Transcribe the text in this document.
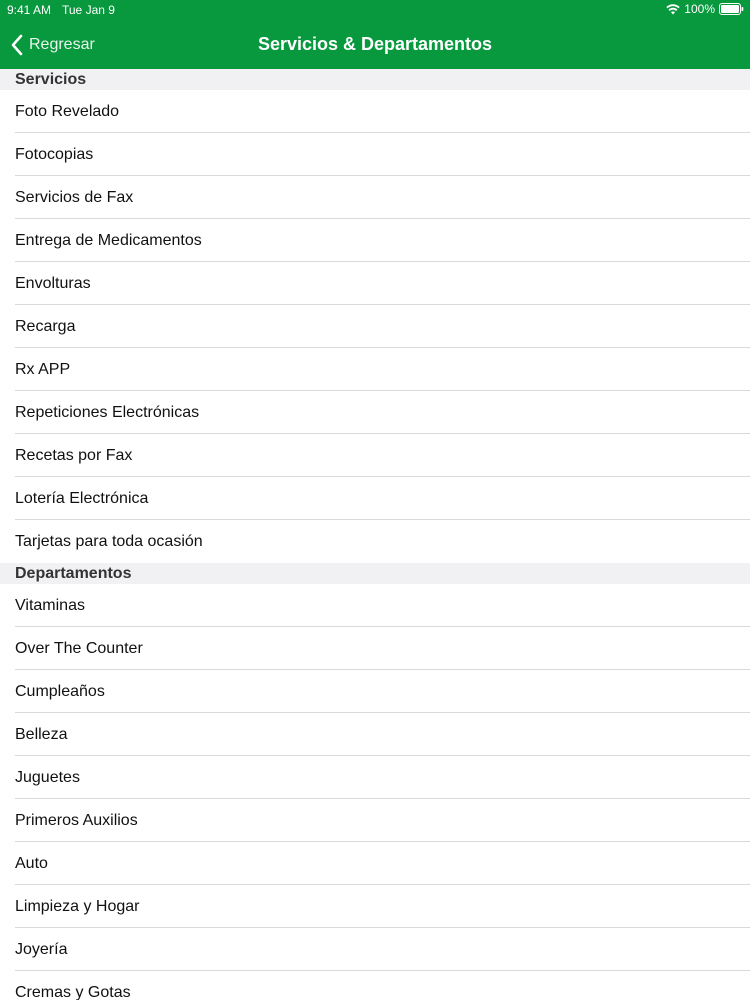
9:41 AM Tue Jan 9	100%
Regresar	Servicios & Departamentos
Servicios
Foto Revelado
Fotocopias
Servicios de Fax
Entrega de Medicamentos
Envolturas
Recarga
Rx APP
Repeticiones Electrónicas
Recetas por Fax
Lotería Electrónica
Tarjetas para toda ocasión
Departamentos
Vitaminas
Over The Counter
Cumpleaños
Belleza
Juguetes
Primeros Auxilios
Auto
Limpieza y Hogar
Joyería
Cremas y Gotas
